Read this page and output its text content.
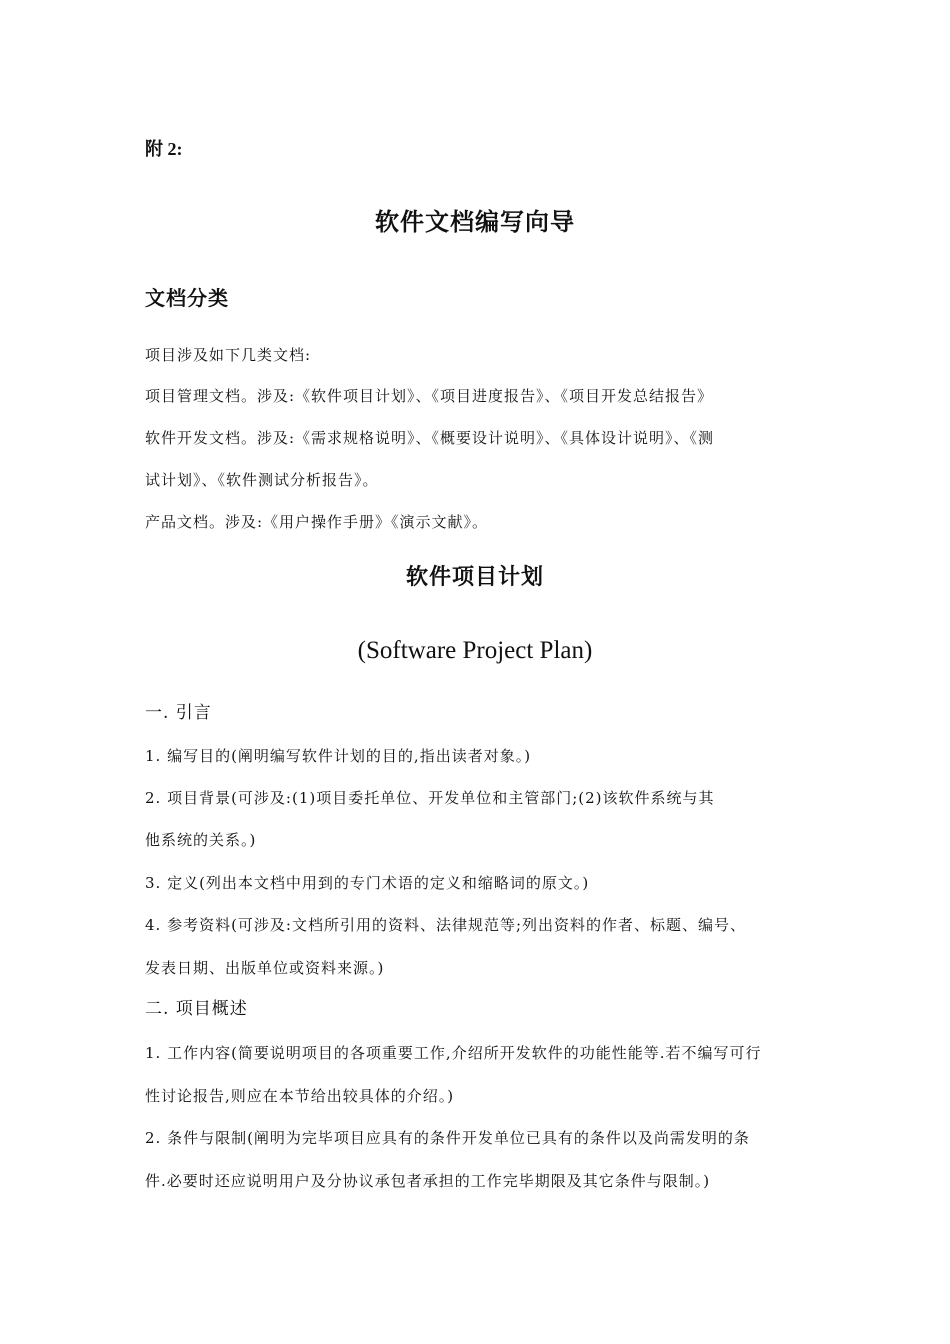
附 2:
软件文档编写向导
文档分类
项目涉及如下几类文档:
项目管理文档。涉及:《软件项目计划》、《项目进度报告》、《项目开发总结报告》
软件开发文档。涉及:《需求规格说明》、《概要设计说明》、《具体设计说明》、《测
试计划》、《软件测试分析报告》。
产品文档。涉及:《用户操作手册》《演示文献》。
软件项目计划
(Software Project Plan)
一. 引言
1. 编写目的(阐明编写软件计划的目的,指出读者对象。)
2. 项目背景(可涉及:(1)项目委托单位、开发单位和主管部门;(2)该软件系统与其
他系统的关系。)
3. 定义(列出本文档中用到的专门术语的定义和缩略词的原文。)
4. 参考资料(可涉及:文档所引用的资料、法律规范等;列出资料的作者、标题、编号、
发表日期、出版单位或资料来源。)
二. 项目概述
1. 工作内容(简要说明项目的各项重要工作,介绍所开发软件的功能性能等.若不编写可行
性讨论报告,则应在本节给出较具体的介绍。)
2. 条件与限制(阐明为完毕项目应具有的条件开发单位已具有的条件以及尚需发明的条
件.必要时还应说明用户及分协议承包者承担的工作完毕期限及其它条件与限制。)
